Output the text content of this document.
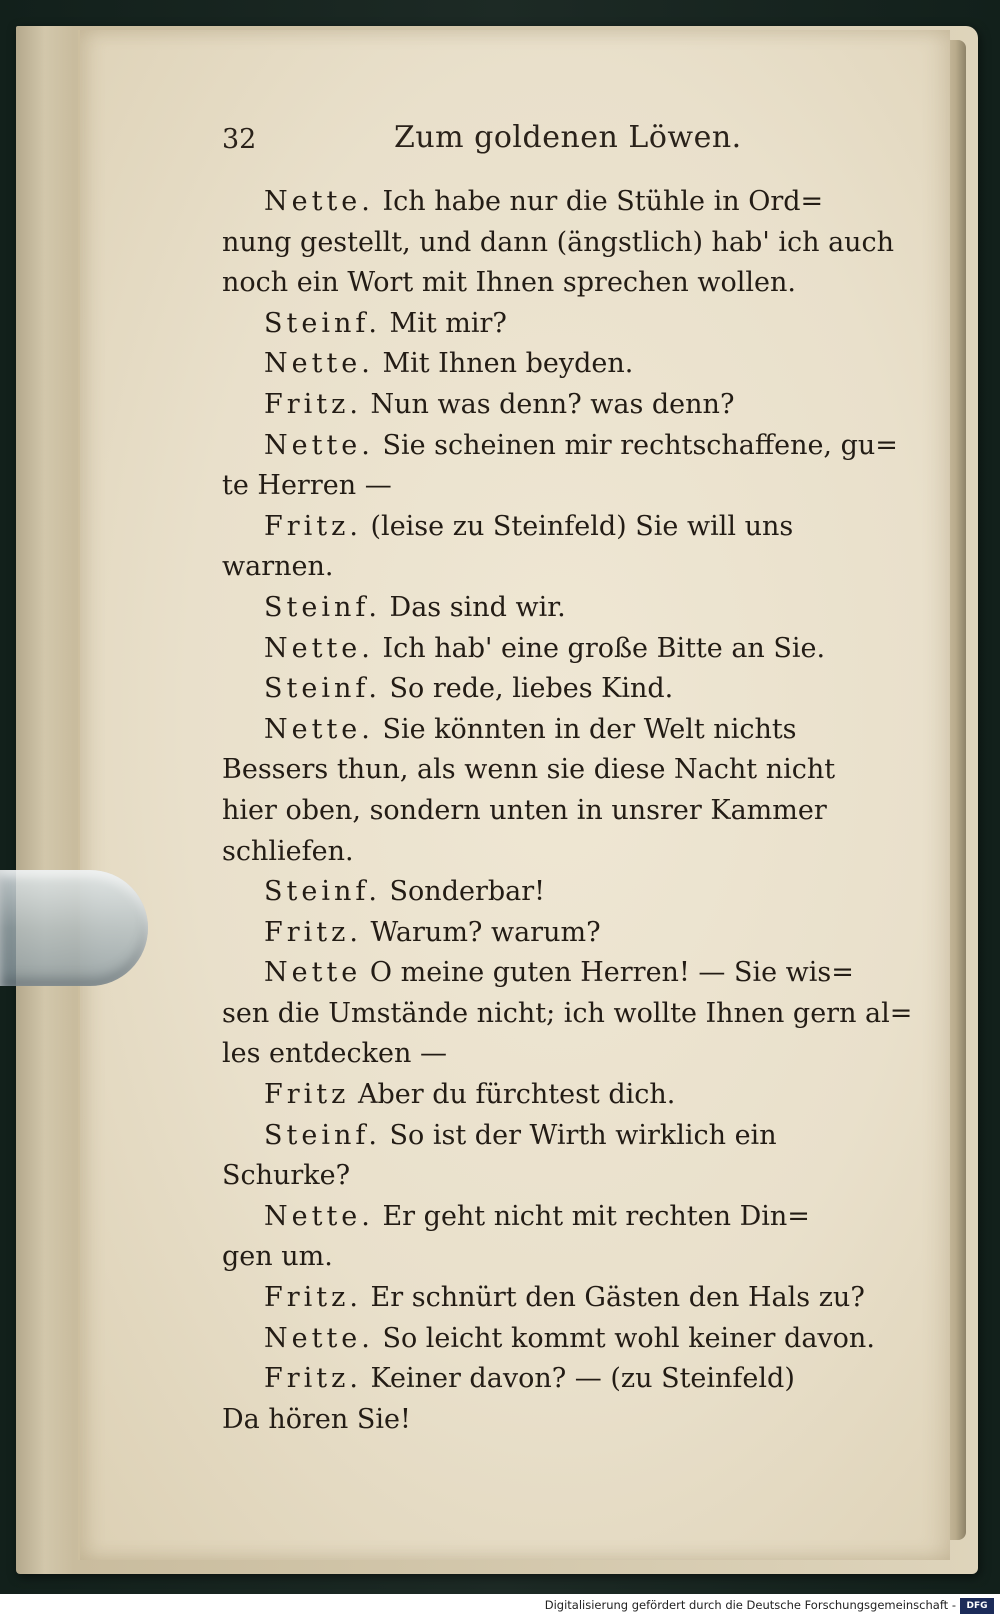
32	Zum goldenen Löwen.
Nette. Ich habe nur die Stühle in Ord=
nung gestellt, und dann (ängstlich) hab' ich auch
noch ein Wort mit Ihnen sprechen wollen.
Steinf. Mit mir?
Nette. Mit Ihnen beyden.
Fritz. Nun was denn? was denn?
Nette. Sie scheinen mir rechtschaffene, gu=
te Herren —
Fritz. (leise zu Steinfeld) Sie will uns
warnen.
Steinf. Das sind wir.
Nette. Ich hab' eine große Bitte an Sie.
Steinf. So rede, liebes Kind.
Nette. Sie könnten in der Welt nichts
Bessers thun, als wenn sie diese Nacht nicht
hier oben, sondern unten in unsrer Kammer
schliefen.
Steinf. Sonderbar!
Fritz. Warum? warum?
Nette O meine guten Herren! — Sie wis=
sen die Umstände nicht; ich wollte Ihnen gern al=
les entdecken —
Fritz Aber du fürchtest dich.
Steinf. So ist der Wirth wirklich ein
Schurke?
Nette. Er geht nicht mit rechten Din=
gen um.
Fritz. Er schnürt den Gästen den Hals zu?
Nette. So leicht kommt wohl keiner davon.
Fritz. Keiner davon? — (zu Steinfeld)
Da hören Sie!
Digitalisierung gefördert durch die Deutsche Forschungsgemeinschaft -	DFG
